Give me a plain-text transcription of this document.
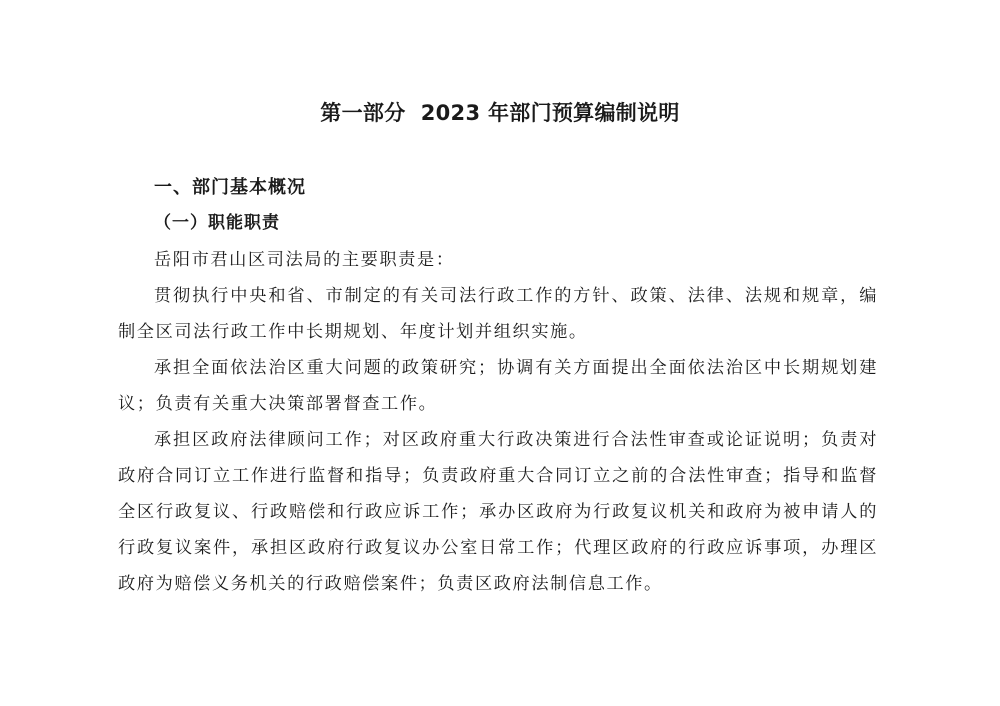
第一部分  2023 年部门预算编制说明
一、部门基本概况
（一）职能职责

岳阳市君山区司法局的主要职责是：

贯彻执行中央和省、市制定的有关司法行政工作的方针、政策、法律、法规和规章，编制全区司法行政工作中长期规划、年度计划并组织实施。

承担全面依法治区重大问题的政策研究；协调有关方面提出全面依法治区中长期规划建议；负责有关重大决策部署督查工作。

承担区政府法律顾问工作；对区政府重大行政决策进行合法性审查或论证说明；负责对政府合同订立工作进行监督和指导；负责政府重大合同订立之前的合法性审查；指导和监督全区行政复议、行政赔偿和行政应诉工作；承办区政府为行政复议机关和政府为被申请人的行政复议案件，承担区政府行政复议办公室日常工作；代理区政府的行政应诉事项，办理区政府为赔偿义务机关的行政赔偿案件；负责区政府法制信息工作。
